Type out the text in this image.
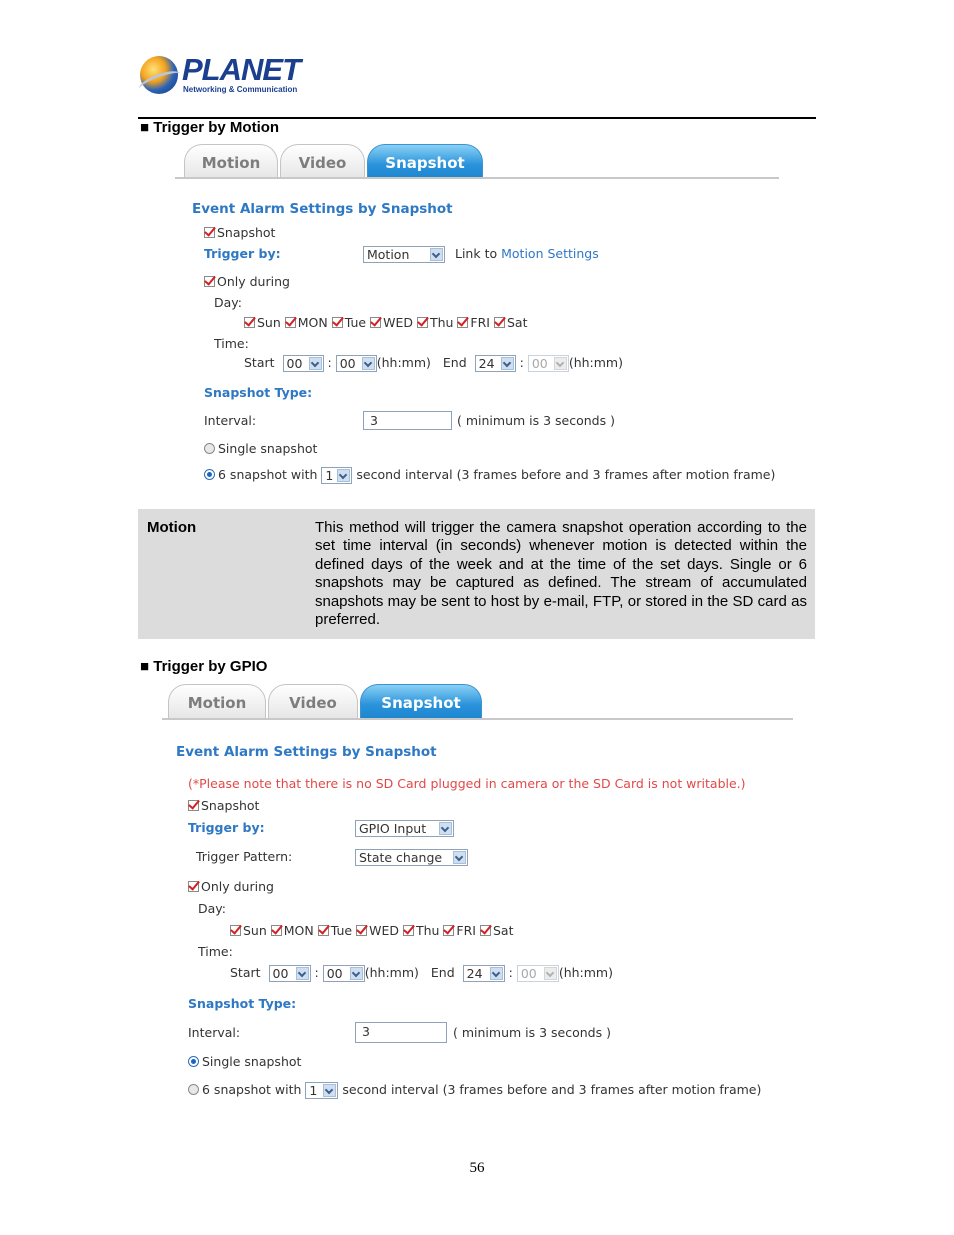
PLANET
Networking & Communication
■ Trigger by Motion
Motion	Video	Snapshot
Event Alarm Settings by Snapshot
Snapshot
Trigger by:	Motion	Link to Motion Settings
Only during
Day:
Sun MON Tue WED Thu FRI Sat
Time:
Start 00 : 00 (hh:mm) End 24 : 00 (hh:mm)
Snapshot Type:
Interval:	3	( minimum is 3 seconds )
Single snapshot
6 snapshot with 1 second interval (3 frames before and 3 frames after motion frame)
Motion	This method will trigger the camera snapshot operation according to the set time interval (in seconds) whenever motion is detected within the defined days of the week and at the time of the set days. Single or 6 snapshots may be captured as defined. The stream of accumulated snapshots may be sent to host by e-mail, FTP, or stored in the SD card as preferred.
■ Trigger by GPIO
Motion	Video	Snapshot
Event Alarm Settings by Snapshot
(*Please note that there is no SD Card plugged in camera or the SD Card is not writable.)
Snapshot
Trigger by:	GPIO Input
Trigger Pattern:	State change
Only during
Day:
Sun MON Tue WED Thu FRI Sat
Time:
Start 00 : 00 (hh:mm) End 24 : 00 (hh:mm)
Snapshot Type:
Interval:	3	( minimum is 3 seconds )
Single snapshot
6 snapshot with 1 second interval (3 frames before and 3 frames after motion frame)
56
